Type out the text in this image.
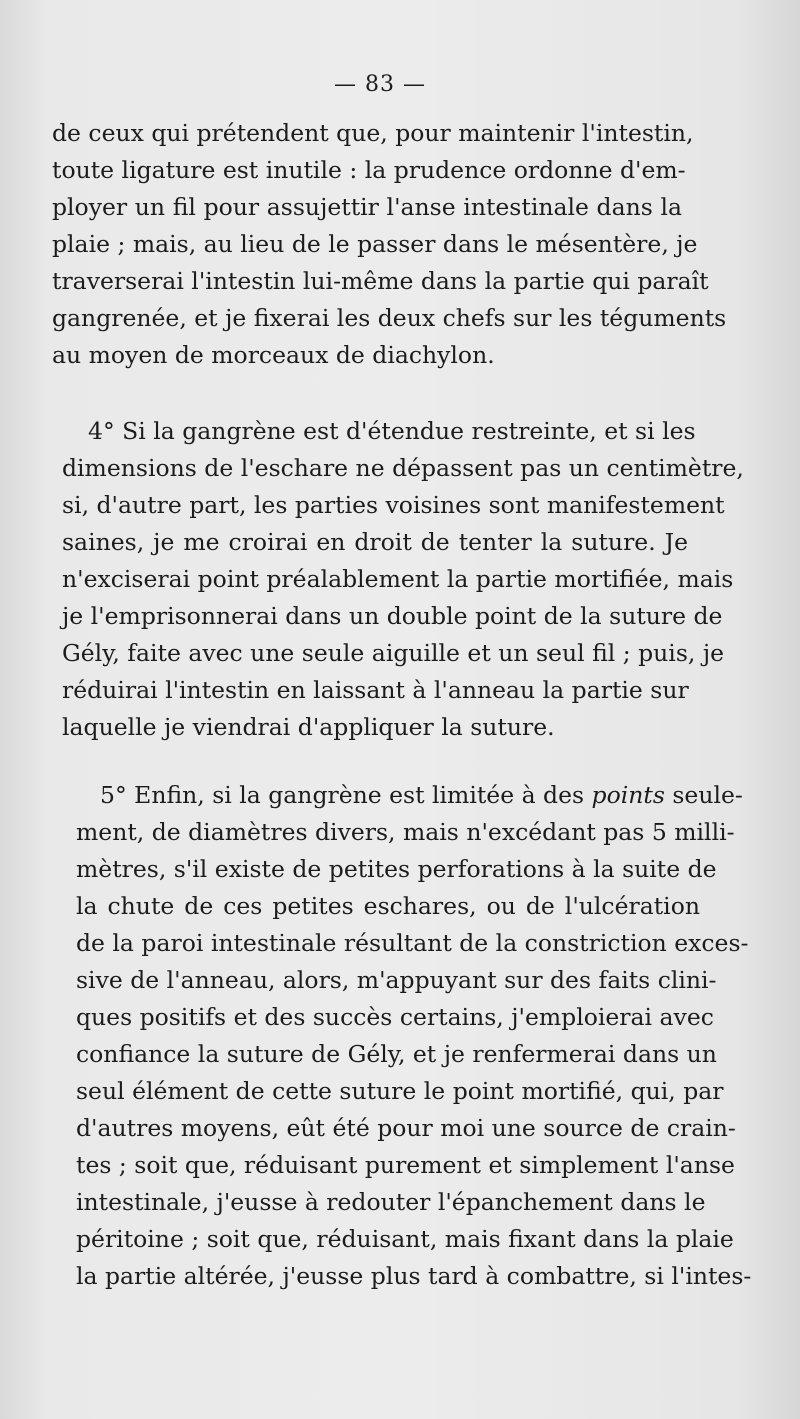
— 83 —
de ceux qui prétendent que, pour maintenir l'intestin,
toute ligature est inutile : la prudence ordonne d'em-
ployer un fil pour assujettir l'anse intestinale dans la
plaie ; mais, au lieu de le passer dans le mésentère, je
traverserai l'intestin lui-même dans la partie qui paraît
gangrenée, et je fixerai les deux chefs sur les téguments
au moyen de morceaux de diachylon.
4° Si la gangrène est d'étendue restreinte, et si les
dimensions de l'eschare ne dépassent pas un centimètre,
si, d'autre part, les parties voisines sont manifestement
saines, je me croirai en droit de tenter la suture. Je
n'exciserai point préalablement la partie mortifiée, mais
je l'emprisonnerai dans un double point de la suture de
Gély, faite avec une seule aiguille et un seul fil ; puis, je
réduirai l'intestin en laissant à l'anneau la partie sur
laquelle je viendrai d'appliquer la suture.
5° Enfin, si la gangrène est limitée à des points seule-
ment, de diamètres divers, mais n'excédant pas 5 milli-
mètres, s'il existe de petites perforations à la suite de
la chute de ces petites eschares, ou de l'ulcération
de la paroi intestinale résultant de la constriction exces-
sive de l'anneau, alors, m'appuyant sur des faits clini-
ques positifs et des succès certains, j'emploierai avec
confiance la suture de Gély, et je renfermerai dans un
seul élément de cette suture le point mortifié, qui, par
d'autres moyens, eût été pour moi une source de crain-
tes ; soit que, réduisant purement et simplement l'anse
intestinale, j'eusse à redouter l'épanchement dans le
péritoine ; soit que, réduisant, mais fixant dans la plaie
la partie altérée, j'eusse plus tard à combattre, si l'intes-
